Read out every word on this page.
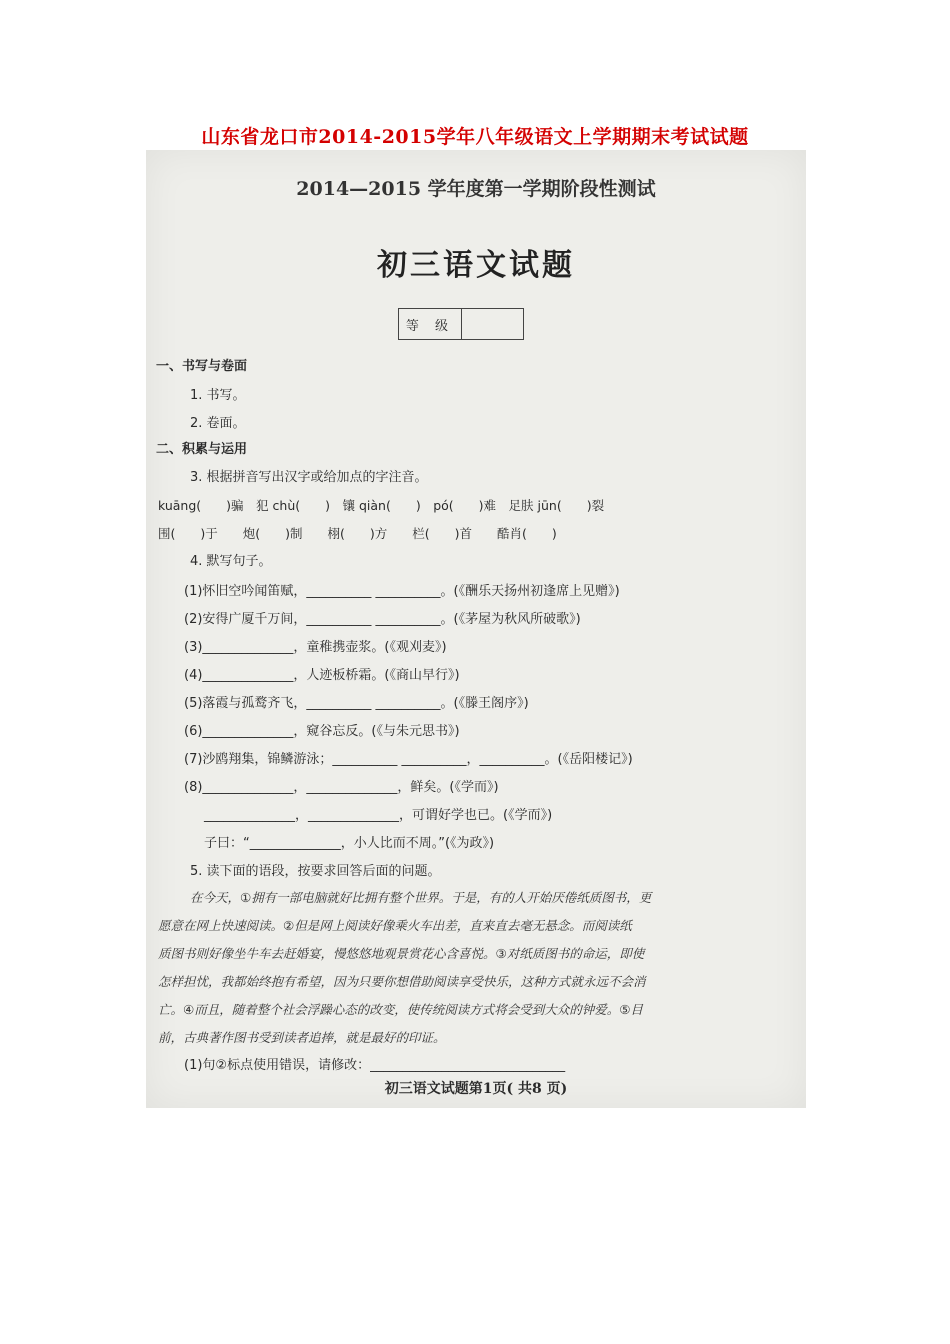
山东省龙口市2014-2015学年八年级语文上学期期末考试试题
2014—2015 学年度第一学期阶段性测试
初三语文试题
等 级
一、书写与卷面
1. 书写。
2. 卷面。
二、积累与运用
3. 根据拼音写出汉字或给加点的字注音。
kuāng(　　)骗　犯 chù(　　)　镶 qiàn(　　)　pó(　　)难　足肤 jūn(　　)裂
围(　　)于　　炮(　　)制　　栩(　　)方　　栏(　　)首　　酷肖(　　)
4. 默写句子。
(1)怀旧空吟闻笛赋，__________ __________。(《酬乐天扬州初逢席上见赠》)
(2)安得广厦千万间，__________ __________。(《茅屋为秋风所破歌》)
(3)______________，童稚携壶浆。(《观刈麦》)
(4)______________，人迹板桥霜。(《商山早行》)
(5)落霞与孤鹜齐飞，__________ __________。(《滕王阁序》)
(6)______________，窥谷忘反。(《与朱元思书》)
(7)沙鸥翔集，锦鳞游泳；__________ __________，__________。(《岳阳楼记》)
(8)______________，______________，鲜矣。(《学而》)
______________，______________，可谓好学也已。(《学而》)
子曰：“______________，小人比而不周。”(《为政》)
5. 读下面的语段，按要求回答后面的问题。
在今天，①拥有一部电脑就好比拥有整个世界。于是，有的人开始厌倦纸质图书，更
愿意在网上快速阅读。②但是网上阅读好像乘火车出差，直来直去毫无悬念。而阅读纸
质图书则好像坐牛车去赶婚宴，慢悠悠地观景赏花心含喜悦。③对纸质图书的命运，即使
怎样担忧，我都始终抱有希望，因为只要你想借助阅读享受快乐，这种方式就永远不会消
亡。④而且，随着整个社会浮躁心态的改变，使传统阅读方式将会受到大众的钟爱。⑤目
前，古典著作图书受到读者追捧，就是最好的印证。
(1)句②标点使用错误，请修改：______________________________
初三语文试题第1页( 共8 页)
